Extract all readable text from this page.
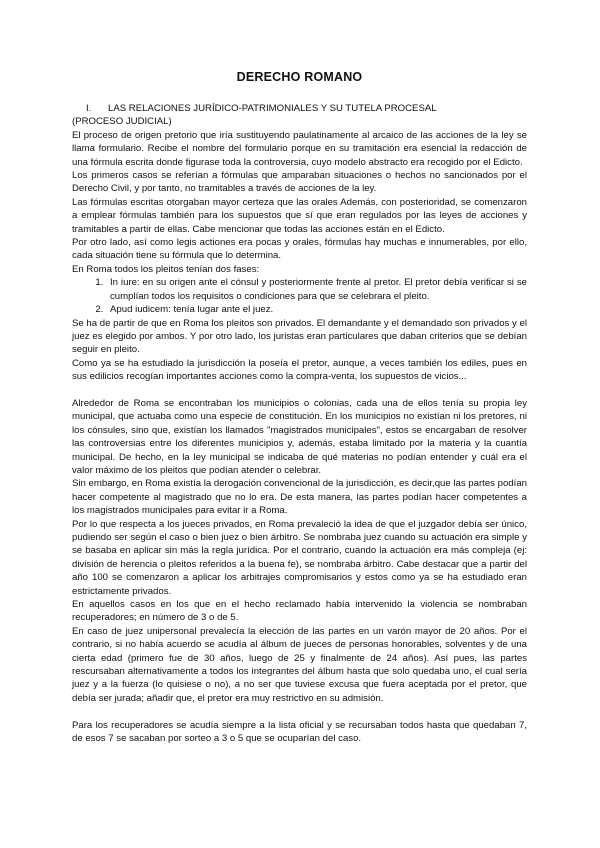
DERECHO ROMANO
I. LAS RELACIONES JURÍDICO-PATRIMONIALES Y SU TUTELA PROCESAL
(PROCESO JUDICIAL)

El proceso de origen pretorio que iría sustituyendo paulatinamente al arcaico de las acciones de la ley se llama formulario. Recibe el nombre del formulario porque en su tramitación era esencial la redacción de una fórmula escrita donde figurase toda la controversia, cuyo modelo abstracto era recogido por el Edicto.

Los primeros casos se referían a fórmulas que amparaban situaciones o hechos no sancionados por el Derecho Civil, y por tanto, no tramitables a través de acciones de la ley.

Las fórmulas escritas otorgaban mayor certeza que las orales Además, con posterioridad, se comenzaron a emplear fórmulas también para los supuestos que sí que eran regulados por las leyes de acciones y tramitables a partir de ellas. Cabe mencionar que todas las acciones están en el Edicto.

Por otro lado, así como legis actiones era pocas y orales, fórmulas hay muchas e innumerables, por ello, cada situación tiene su fórmula que lo determina.

En Roma todos los pleitos tenían dos fases:

1. In iure: en su origen ante el cónsul y posteriormente frente al pretor. El pretor debía verificar si se cumplían todos los requisitos o condiciones para que se celebrara el pleito.
2. Apud iudicem: tenía lugar ante el juez.

Se ha de partir de que en Roma los pleitos son privados. El demandante y el demandado son privados y el juez es elegido por ambos. Y por otro lado, los juristas eran particulares que daban criterios que se debían seguir en pleito.

Como ya se ha estudiado la jurisdicción la poseía el pretor, aunque, a veces también los ediles, pues en sus edilicios recogían importantes acciones como la compra-venta, los supuestos de vicios...

Alrededor de Roma se encontraban los municipios o colonias, cada una de ellos tenía su propia ley municipal, que actuaba como una especie de constitución. En los municipios no existían ni los pretores, ni los cónsules, sino que, existían los llamados "magistrados municipales", estos se encargaban de resolver las controversias entre los diferentes municipios y, además, estaba limitado por la materia y la cuantía municipal. De hecho, en la ley municipal se indicaba de qué materias no podían entender y cuál era el valor máximo de los pleitos que podían atender o celebrar.

Sin embargo, en Roma existía la derogación convencional de la jurisdicción, es decir,que las partes podían hacer competente al magistrado que no lo era. De esta manera, las partes podían hacer competentes a los magistrados municipales para evitar ir a Roma.

Por lo que respecta a los jueces privados, en Roma prevaleció la idea de que el juzgador debía ser único, pudiendo ser según el caso o bien juez o bien árbitro. Se nombraba juez cuando su actuación era simple y se basaba en aplicar sin más la regla jurídica. Por el contrario, cuando la actuación era más compleja (ej: división de herencia o pleitos referidos a la buena fe), se nombraba árbitro. Cabe destacar que a partir del año 100 se comenzaron a aplicar los arbitrajes compromisarios y estos como ya se ha estudiado eran estrictamente privados.

En aquellos casos en los que en el hecho reclamado había intervenido la violencia se nombraban recuperadores; en número de 3 o de 5.

En caso de juez unipersonal prevalecía la elección de las partes en un varón mayor de 20 años. Por el contrario, si no había acuerdo se acudía al álbum de jueces de personas honorables, solventes y de una cierta edad (primero fue de 30 años, luego de 25 y finalmente de 24 años). Así pues, las partes rescursaban alternativamente a todos los integrantes del álbum hasta que solo quedaba uno, el cual sería juez y a la fuerza (lo quisiese o no), a no ser que tuviese excusa que fuera aceptada por el pretor, que debía ser jurada; añadir que, el pretor era muy restrictivo en su admisión.

Para los recuperadores se acudía siempre a la lista oficial y se recursaban todos hasta que quedaban 7, de esos 7 se sacaban por sorteo a 3 o 5 que se ocuparían del caso.
